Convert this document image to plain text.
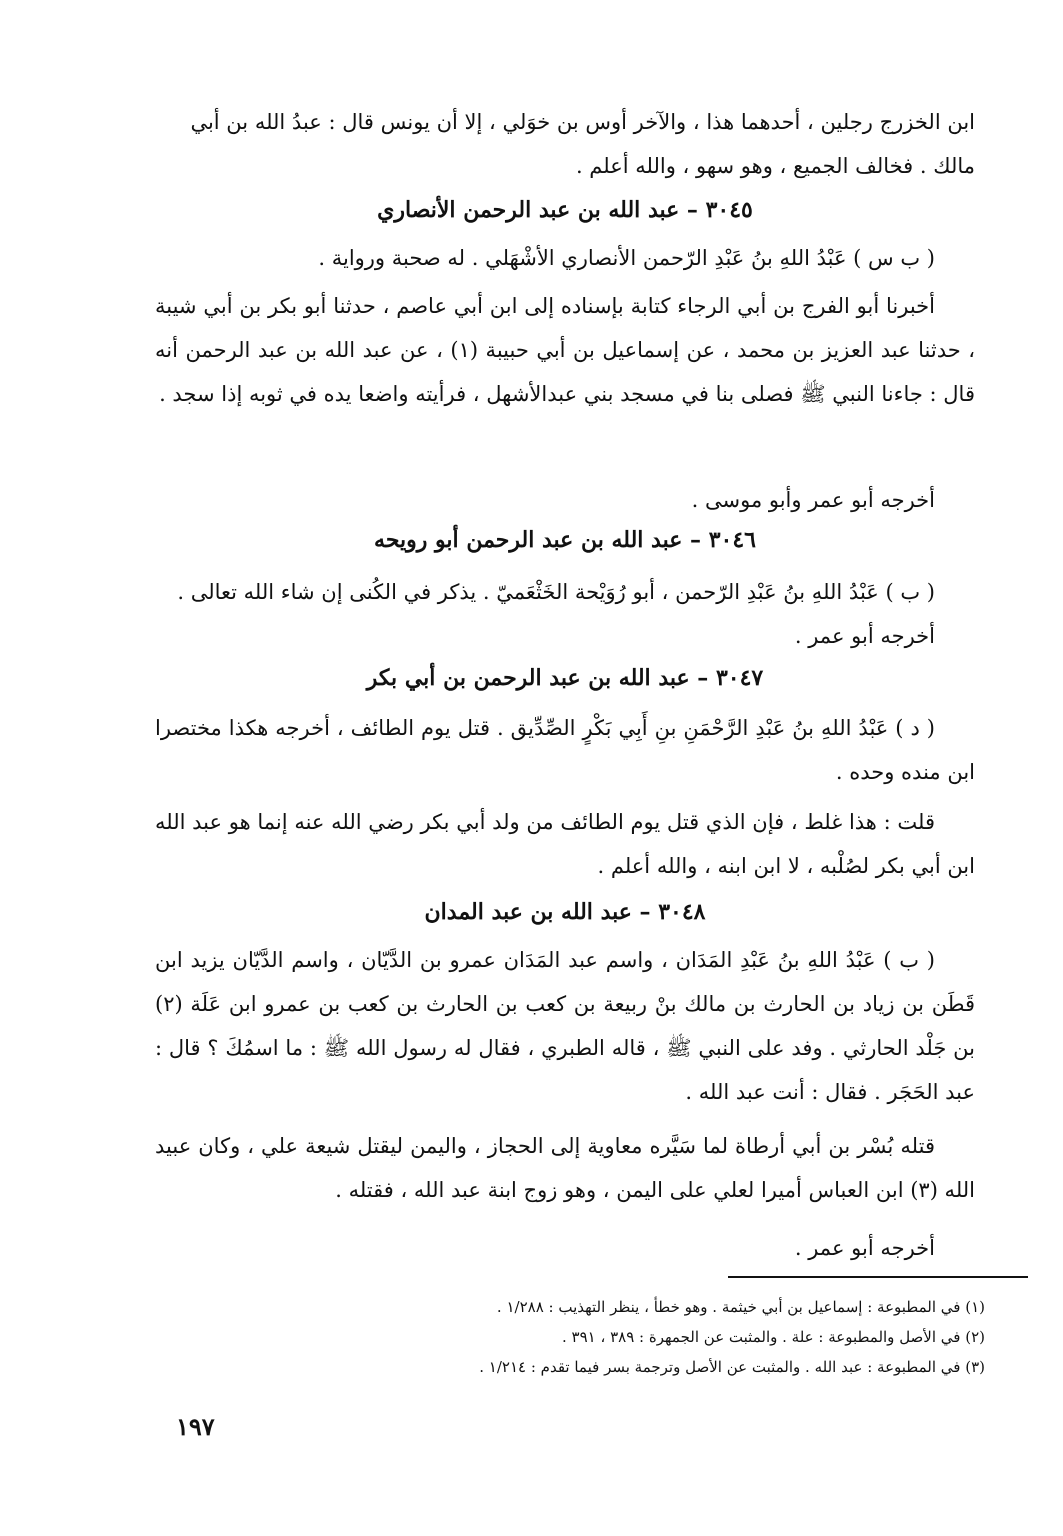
ابن الخزرج رجلين ، أحدهما هذا ، والآخر أوس بن خوَلي ، إلا أن يونس قال : عبدُ الله بن أبي

مالك . فخالف الجميع ، وهو سهو ، والله أعلم .

٣٠٤٥ – عبد الله بن عبد الرحمن الأنصاري

( ب س ) عَبْدُ اللهِ بنُ عَبْدِ الرّحمن الأنصاري الأشْهَلي . له صحبة ورواية .

أخبرنا أبو الفرج بن أبي الرجاء كتابة بإسناده إلى ابن أبي عاصم ، حدثنا أبو بكر بن أبي شيبة ، حدثنا عبد العزيز بن محمد ، عن إسماعيل بن أبي حبيبة (١) ، عن عبد الله بن عبد الرحمن أنه قال : جاءنا النبي ﷺ فصلى بنا في مسجد بني عبدالأشهل ، فرأيته واضعا يده في ثوبه إذا سجد .

أخرجه أبو عمر وأبو موسى .

٣٠٤٦ – عبد الله بن عبد الرحمن أبو رويحه

( ب ) عَبْدُ اللهِ بنُ عَبْدِ الرّحمن ، أبو رُوَيْحة الخَثْعَميّ . يذكر في الكُنى إن شاء الله تعالى .

أخرجه أبو عمر .

٣٠٤٧ – عبد الله بن عبد الرحمن بن أبي بكر

( د ) عَبْدُ اللهِ بنُ عَبْدِ الرَّحْمَنِ بنِ أَبِي بَكْرٍ الصِّدِّيق . قتل يوم الطائف ، أخرجه هكذا مختصرا ابن منده وحده .

قلت : هذا غلط ، فإن الذي قتل يوم الطائف من ولد أبي بكر رضي الله عنه إنما هو عبد الله ابن أبي بكر لصُلْبه ، لا ابن ابنه ، والله أعلم .

٣٠٤٨ – عبد الله بن عبد المدان

( ب ) عَبْدُ اللهِ بنُ عَبْدِ المَدَان ، واسم عبد المَدَان عمرو بن الدَّيّان ، واسم الدَّيّان يزيد ابن قَطَن بن زياد بن الحارث بن مالك بنْ ربيعة بن كعب بن الحارث بن كعب بن عمرو ابن عَلَة (٢) بن جَلْد الحارثي . وفد على النبي ﷺ ، قاله الطبري ، فقال له رسول الله ﷺ : ما اسمُكَ ؟ قال : عبد الحَجَر . فقال : أنت عبد الله .

قتله بُسْر بن أبي أرطاة لما سَيَّره معاوية إلى الحجاز ، واليمن ليقتل شيعة علي ، وكان عبيد الله (٣) ابن العباس أميرا لعلي على اليمن ، وهو زوج ابنة عبد الله ، فقتله .

أخرجه أبو عمر .

(١) في المطبوعة : إسماعيل بن أبي خيثمة . وهو خطأ ، ينظر التهذيب : ١/٢٨٨ .
(٢) في الأصل والمطبوعة : علة . والمثبت عن الجمهرة : ٣٨٩ ، ٣٩١ .
(٣) في المطبوعة : عبد الله . والمثبت عن الأصل وترجمة بسر فيما تقدم : ١/٢١٤ .
١٩٧
